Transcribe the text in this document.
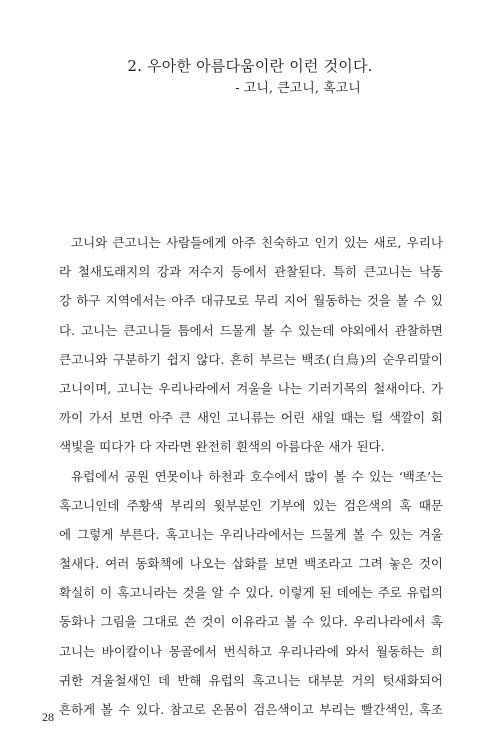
2. 우아한 아름다움이란 이런 것이다.
- 고니, 큰고니, 혹고니
고니와 큰고니는 사람들에게 아주 친숙하고 인기 있는 새로, 우리나
라 철새도래지의 강과 저수지 등에서 관찰된다. 특히 큰고니는 낙동
강 하구 지역에서는 아주 대규모로 무리 지어 월동하는 것을 볼 수 있
다. 고니는 큰고니들 틈에서 드물게 볼 수 있는데 야외에서 관찰하면
큰고니와 구분하기 쉽지 않다. 흔히 부르는 백조(白鳥)의 순우리말이
고니이며, 고니는 우리나라에서 겨울을 나는 기러기목의 철새이다. 가
까이 가서 보면 아주 큰 새인 고니류는 어린 새일 때는 털 색깔이 회
색빛을 띠다가 다 자라면 완전히 흰색의 아름다운 새가 된다.
유럽에서 공원 연못이나 하천과 호수에서 많이 볼 수 있는 ‘백조’는
혹고니인데 주황색 부리의 윗부분인 기부에 있는 검은색의 혹 때문
에 그렇게 부른다. 혹고니는 우리나라에서는 드물게 볼 수 있는 겨울
철새다. 여러 동화책에 나오는 삽화를 보면 백조라고 그려 놓은 것이
확실히 이 혹고니라는 것을 알 수 있다. 이렇게 된 데에는 주로 유럽의
동화나 그림을 그대로 쓴 것이 이유라고 볼 수 있다. 우리나라에서 혹
고니는 바이칼이나 몽골에서 번식하고 우리나라에 와서 월동하는 희
귀한 겨울철새인 데 반해 유럽의 혹고니는 대부분 거의 텃새화되어
흔하게 볼 수 있다. 참고로 온몸이 검은색이고 부리는 빨간색인, 혹조
28
